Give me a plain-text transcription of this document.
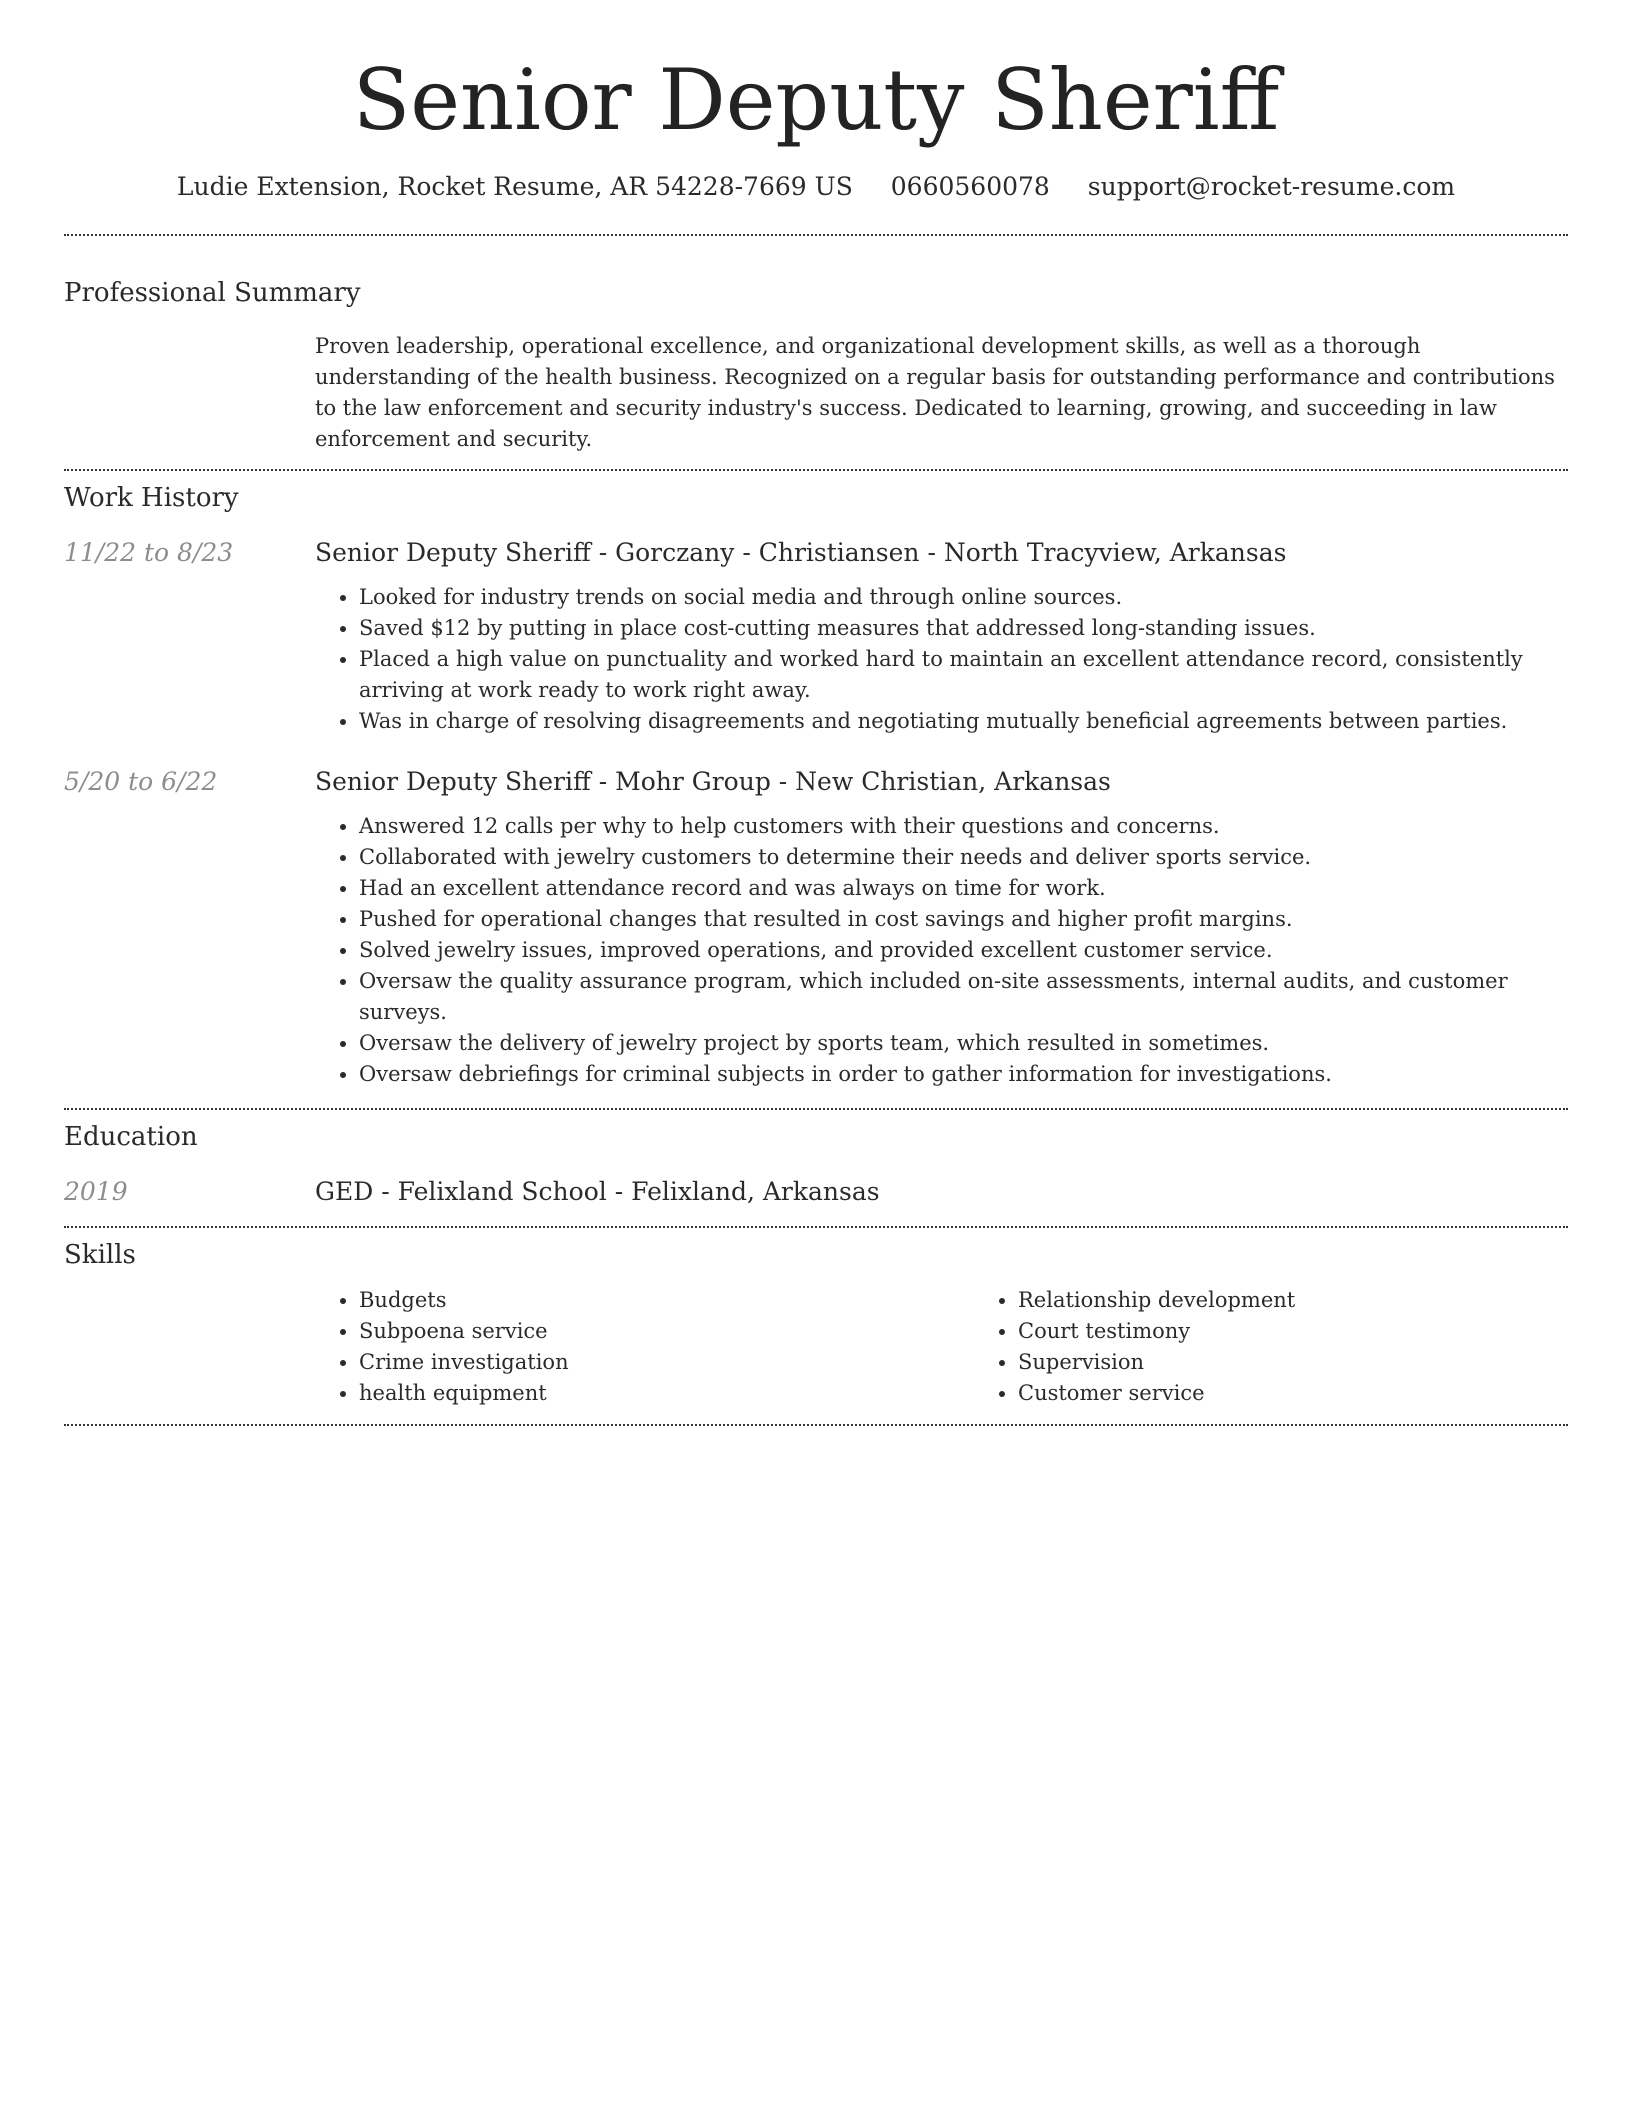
Senior Deputy Sheriff
Ludie Extension, Rocket Resume, AR 54228-7669 US 0660560078 support@rocket-resume.com
Professional Summary
Proven leadership, operational excellence, and organizational development skills, as well as a thorough understanding of the health business. Recognized on a regular basis for outstanding performance and contributions to the law enforcement and security industry's success. Dedicated to learning, growing, and succeeding in law enforcement and security.
Work History
11/22 to 8/23	Senior Deputy Sheriff - Gorczany - Christiansen - North Tracyview, Arkansas
• Looked for industry trends on social media and through online sources.
• Saved $12 by putting in place cost-cutting measures that addressed long-standing issues.
• Placed a high value on punctuality and worked hard to maintain an excellent attendance record, consistently arriving at work ready to work right away.
• Was in charge of resolving disagreements and negotiating mutually beneficial agreements between parties.
5/20 to 6/22	Senior Deputy Sheriff - Mohr Group - New Christian, Arkansas
• Answered 12 calls per why to help customers with their questions and concerns.
• Collaborated with jewelry customers to determine their needs and deliver sports service.
• Had an excellent attendance record and was always on time for work.
• Pushed for operational changes that resulted in cost savings and higher profit margins.
• Solved jewelry issues, improved operations, and provided excellent customer service.
• Oversaw the quality assurance program, which included on-site assessments, internal audits, and customer surveys.
• Oversaw the delivery of jewelry project by sports team, which resulted in sometimes.
• Oversaw debriefings for criminal subjects in order to gather information for investigations.
Education
2019	GED - Felixland School - Felixland, Arkansas
Skills
• Budgets
• Subpoena service
• Crime investigation
• health equipment
• Relationship development
• Court testimony
• Supervision
• Customer service
